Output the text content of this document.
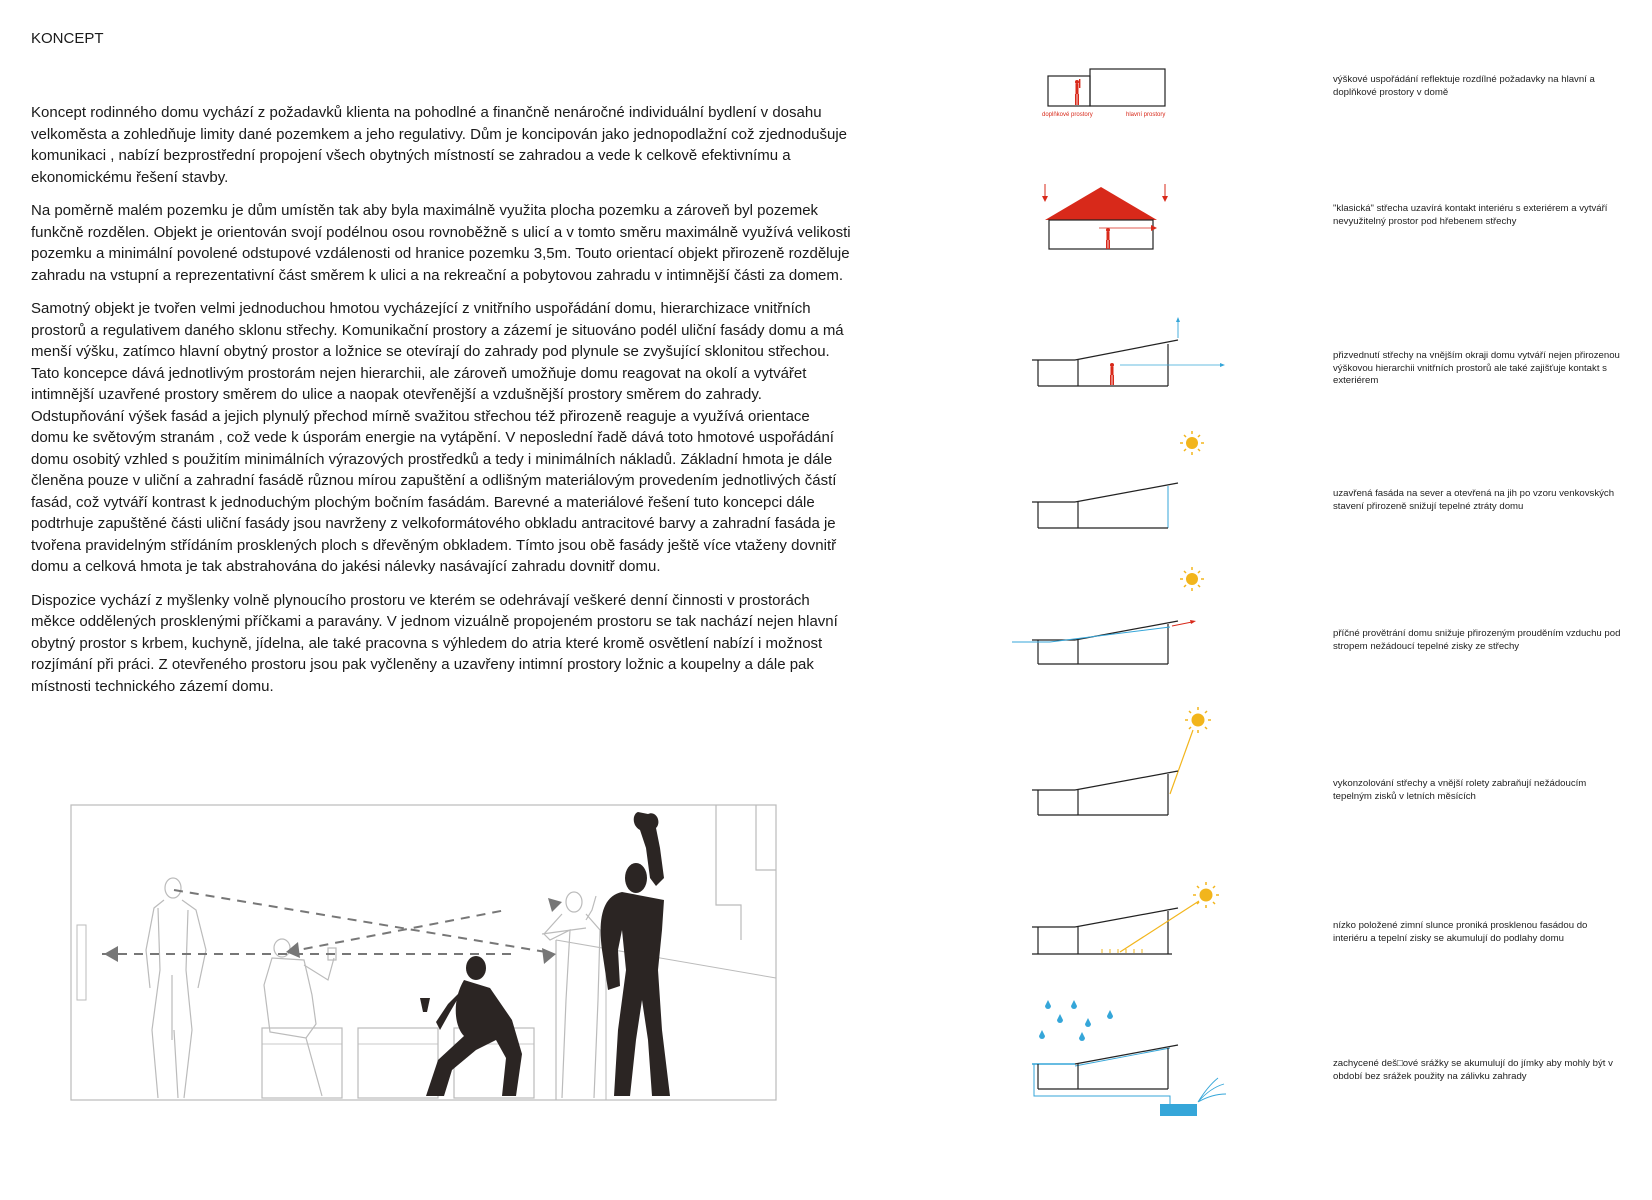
KONCEPT

Koncept rodinného domu vychází z požadavků klienta na pohodlné a finančně nenáročné individuální bydlení v dosahu velkoměsta a zohledňuje limity dané pozemkem a jeho regulativy. Dům je koncipován jako jednopodlažní což zjednodušuje komunikaci , nabízí bezprostřední propojení všech obytných místností se zahradou a vede k celkově efektivnímu a ekonomickému řešení stavby.

Na poměrně malém pozemku je dům umístěn tak aby byla maximálně využita plocha pozemku a zároveň byl pozemek funkčně rozdělen. Objekt je orientován svojí podélnou osou rovnoběžně s ulicí a v tomto směru maximálně využívá velikosti pozemku a minimální povolené odstupové vzdálenosti od hranice pozemku 3,5m. Touto orientací objekt přirozeně rozděluje zahradu na vstupní a reprezentativní část směrem k ulici a na rekreační a pobytovou zahradu v intimnější části za domem.

Samotný objekt je tvořen velmi jednoduchou hmotou vycházející z vnitřního uspořádání domu, hierarchizace vnitřních prostorů a regulativem daného sklonu střechy. Komunikační prostory a zázemí je situováno podél uliční fasády domu a má menší výšku, zatímco hlavní obytný prostor a ložnice se otevírají do zahrady pod plynule se zvyšující sklonitou střechou. Tato koncepce dává jednotlivým prostorám nejen hierarchii, ale zároveň umožňuje domu reagovat na okolí a vytvářet intimnější uzavřené prostory směrem do ulice a naopak otevřenější a vzdušnější prostory směrem do zahrady. Odstupňování výšek fasád a jejich plynulý přechod mírně svažitou střechou též přirozeně reaguje a využívá orientace domu ke světovým stranám , což vede k úsporám energie na vytápění. V neposlední řadě dává toto hmotové uspořádání domu osobitý vzhled s použitím minimálních výrazových prostředků a tedy i minimálních nákladů. Základní hmota je dále členěna pouze v uliční a zahradní fasádě různou mírou zapuštění a odlišným materiálovým provedením jednotlivých částí fasád, což vytváří kontrast k jednoduchým plochým bočním fasádám. Barevné a materiálové řešení tuto koncepci dále podtrhuje zapuštěné části uliční fasády jsou navrženy z velkoformátového obkladu antracitové barvy a zahradní fasáda je tvořena pravidelným střídáním prosklených ploch s dřevěným obkladem. Tímto jsou obě fasády ještě více vtaženy dovnitř domu a celková hmota je tak abstrahována do jakési nálevky nasávající zahradu dovnitř domu.

Dispozice vychází z myšlenky volně plynoucího prostoru ve kterém se odehrávají veškeré denní činnosti v prostorách měkce oddělených prosklenými příčkami a paravány. V jednom vizuálně propojeném prostoru se tak nachází nejen hlavní obytný prostor s krbem, kuchyně, jídelna, ale také pracovna s výhledem do atria které kromě osvětlení nabízí i možnost rozjímání při práci. Z otevřeného prostoru jsou pak vyčleněny a uzavřeny intimní prostory ložnic a koupelny a dále pak místnosti technického zázemí domu.

doplňkové prostory	hlavní prostory
výškové uspořádání reflektuje rozdílné požadavky na hlavní a doplňkové prostory v domě
"klasická" střecha uzavírá kontakt interiéru s exteriérem a vytváří nevyužitelný prostor pod hřebenem střechy
přizvednutí střechy na vnějším okraji domu vytváří nejen přirozenou výškovou hierarchii vnitřních prostorů ale také zajišťuje kontakt s exteriérem
uzavřená fasáda na sever a otevřená na jih po vzoru venkovských stavení přirozeně snižují tepelné ztráty domu
příčné provětrání domu snižuje přirozeným prouděním vzduchu pod stropem nežádoucí tepelné zisky ze střechy
vykonzolování střechy a vnější rolety zabraňují nežádoucím tepelným zisků v letních měsících
nízko položené zimní slunce proniká prosklenou fasádou do interiéru a tepelní zisky se akumulují do podlahy domu
zachycené deš□ové srážky se akumulují do jímky aby mohly být v období bez srážek použity na zálivku zahrady
